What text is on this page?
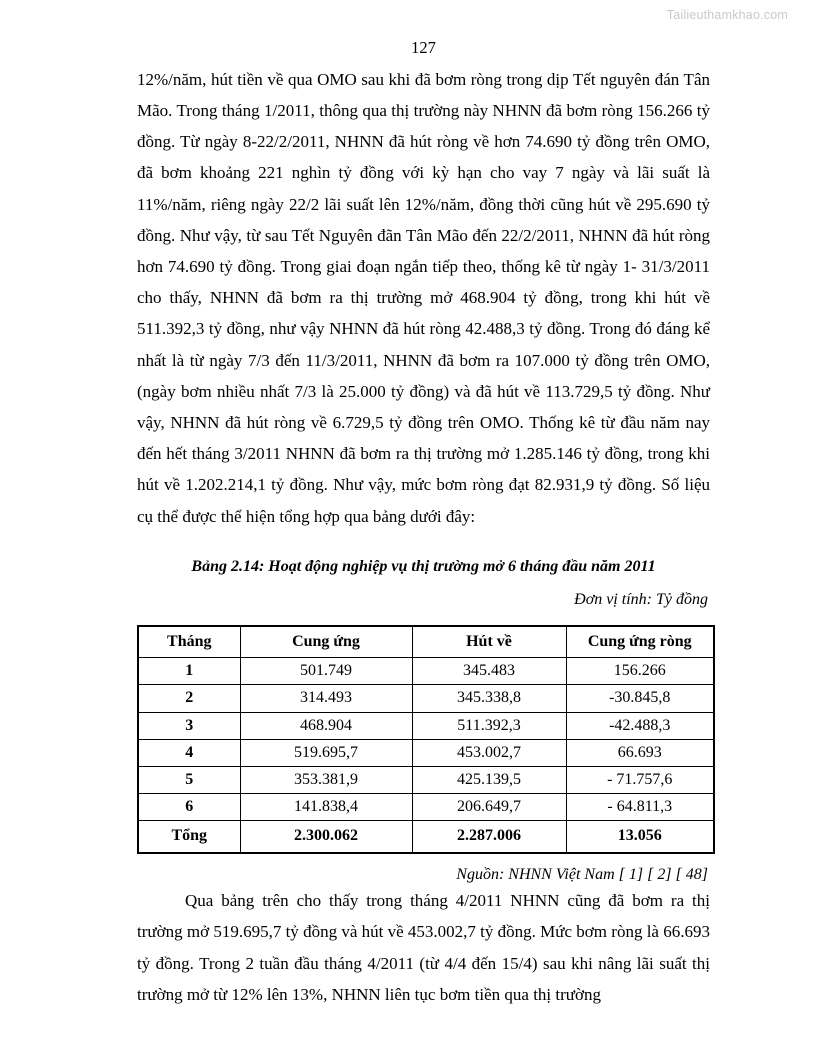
Tailieuthamkhao.com
127

12%/năm, hút tiền về qua OMO sau khi đã bơm ròng trong dịp Tết nguyên đán Tân Mão. Trong tháng 1/2011, thông qua thị trường này NHNN đã bơm ròng 156.266 tỷ đồng. Từ ngày 8-22/2/2011, NHNN đã hút ròng về hơn 74.690 tỷ đồng trên OMO, đã bơm khoảng 221 nghìn tỷ đồng với kỳ hạn cho vay 7 ngày và lãi suất là 11%/năm, riêng ngày 22/2 lãi suất lên 12%/năm, đồng thời cũng hút về 295.690 tỷ đồng. Như vậy, từ sau Tết Nguyên đãn Tân Mão đến 22/2/2011, NHNN đã hút ròng hơn 74.690 tỷ đồng. Trong giai đoạn ngắn tiếp theo, thống kê từ ngày 1- 31/3/2011 cho thấy, NHNN đã bơm ra thị trường mở 468.904 tỷ đồng, trong khi hút về 511.392,3 tỷ đồng, như vậy NHNN đã hút ròng 42.488,3 tỷ đồng. Trong đó đáng kể nhất là từ ngày 7/3 đến 11/3/2011, NHNN đã bơm ra 107.000 tỷ đồng trên OMO, (ngày bơm nhiều nhất 7/3 là 25.000 tỷ đồng) và đã hút về 113.729,5 tỷ đồng. Như vậy, NHNN đã hút ròng về 6.729,5 tỷ đồng trên OMO. Thống kê từ đầu năm nay đến hết tháng 3/2011 NHNN đã bơm ra thị trường mở 1.285.146 tỷ đồng, trong khi hút về 1.202.214,1 tỷ đồng. Như vậy, mức bơm ròng đạt 82.931,9 tỷ đồng. Số liệu cụ thể được thể hiện tổng hợp qua bảng dưới đây:

Bảng 2.14: Hoạt động nghiệp vụ thị trường mở 6 tháng đầu năm 2011

Đơn vị tính: Tỷ đồng

Tháng	Cung ứng	Hút về	Cung ứng ròng
1	501.749	345.483	156.266
2	314.493	345.338,8	-30.845,8
3	468.904	511.392,3	-42.488,3
4	519.695,7	453.002,7	66.693
5	353.381,9	425.139,5	- 71.757,6
6	141.838,4	206.649,7	- 64.811,3
Tổng	2.300.062	2.287.006	13.056

Nguồn: NHNN Việt Nam [ 1] [ 2] [ 48]

Qua bảng trên cho thấy trong tháng 4/2011 NHNN cũng đã bơm ra thị trường mở 519.695,7 tỷ đồng và hút về 453.002,7 tỷ đồng. Mức bơm ròng là 66.693 tỷ đồng. Trong 2 tuần đầu tháng 4/2011 (từ 4/4 đến 15/4) sau khi nâng lãi suất thị trường mở từ 12% lên 13%, NHNN liên tục bơm tiền qua thị trường
